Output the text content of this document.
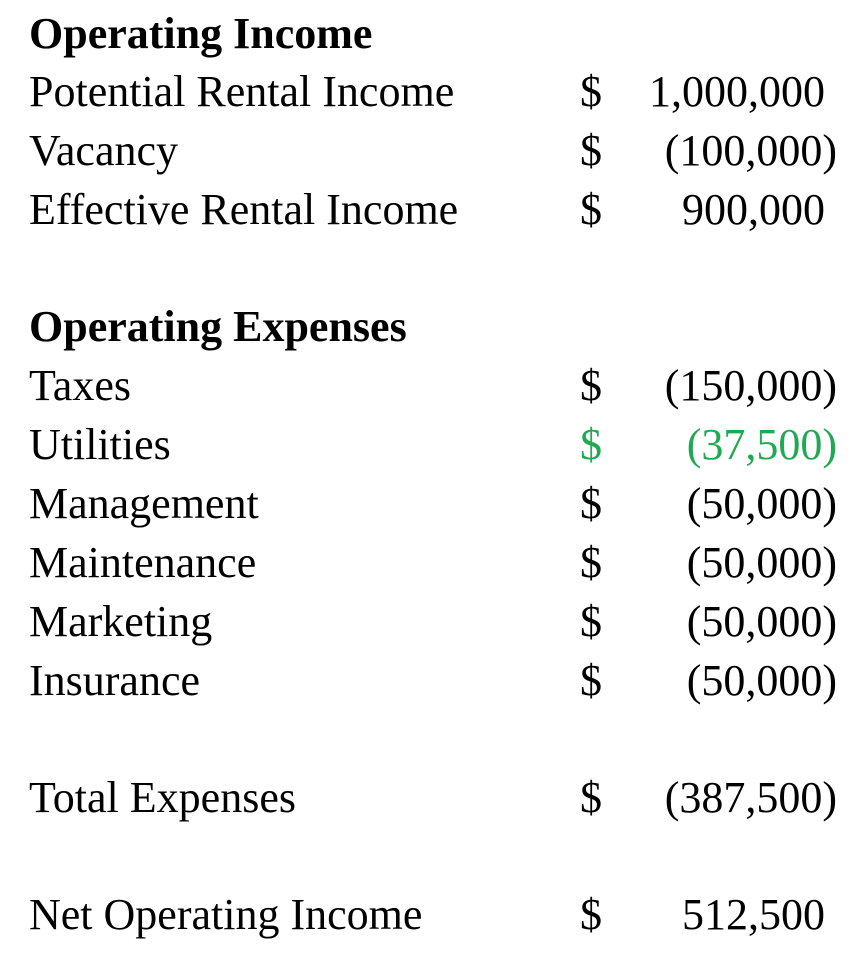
Operating Income
Potential Rental Income	$ 1,000,000
Vacancy	$ (100,000)
Effective Rental Income	$ 900,000
Operating Expenses
Taxes	$ (150,000)
Utilities	$ (37,500)
Management	$ (50,000)
Maintenance	$ (50,000)
Marketing	$ (50,000)
Insurance	$ (50,000)
Total Expenses	$ (387,500)
Net Operating Income	$ 512,500
